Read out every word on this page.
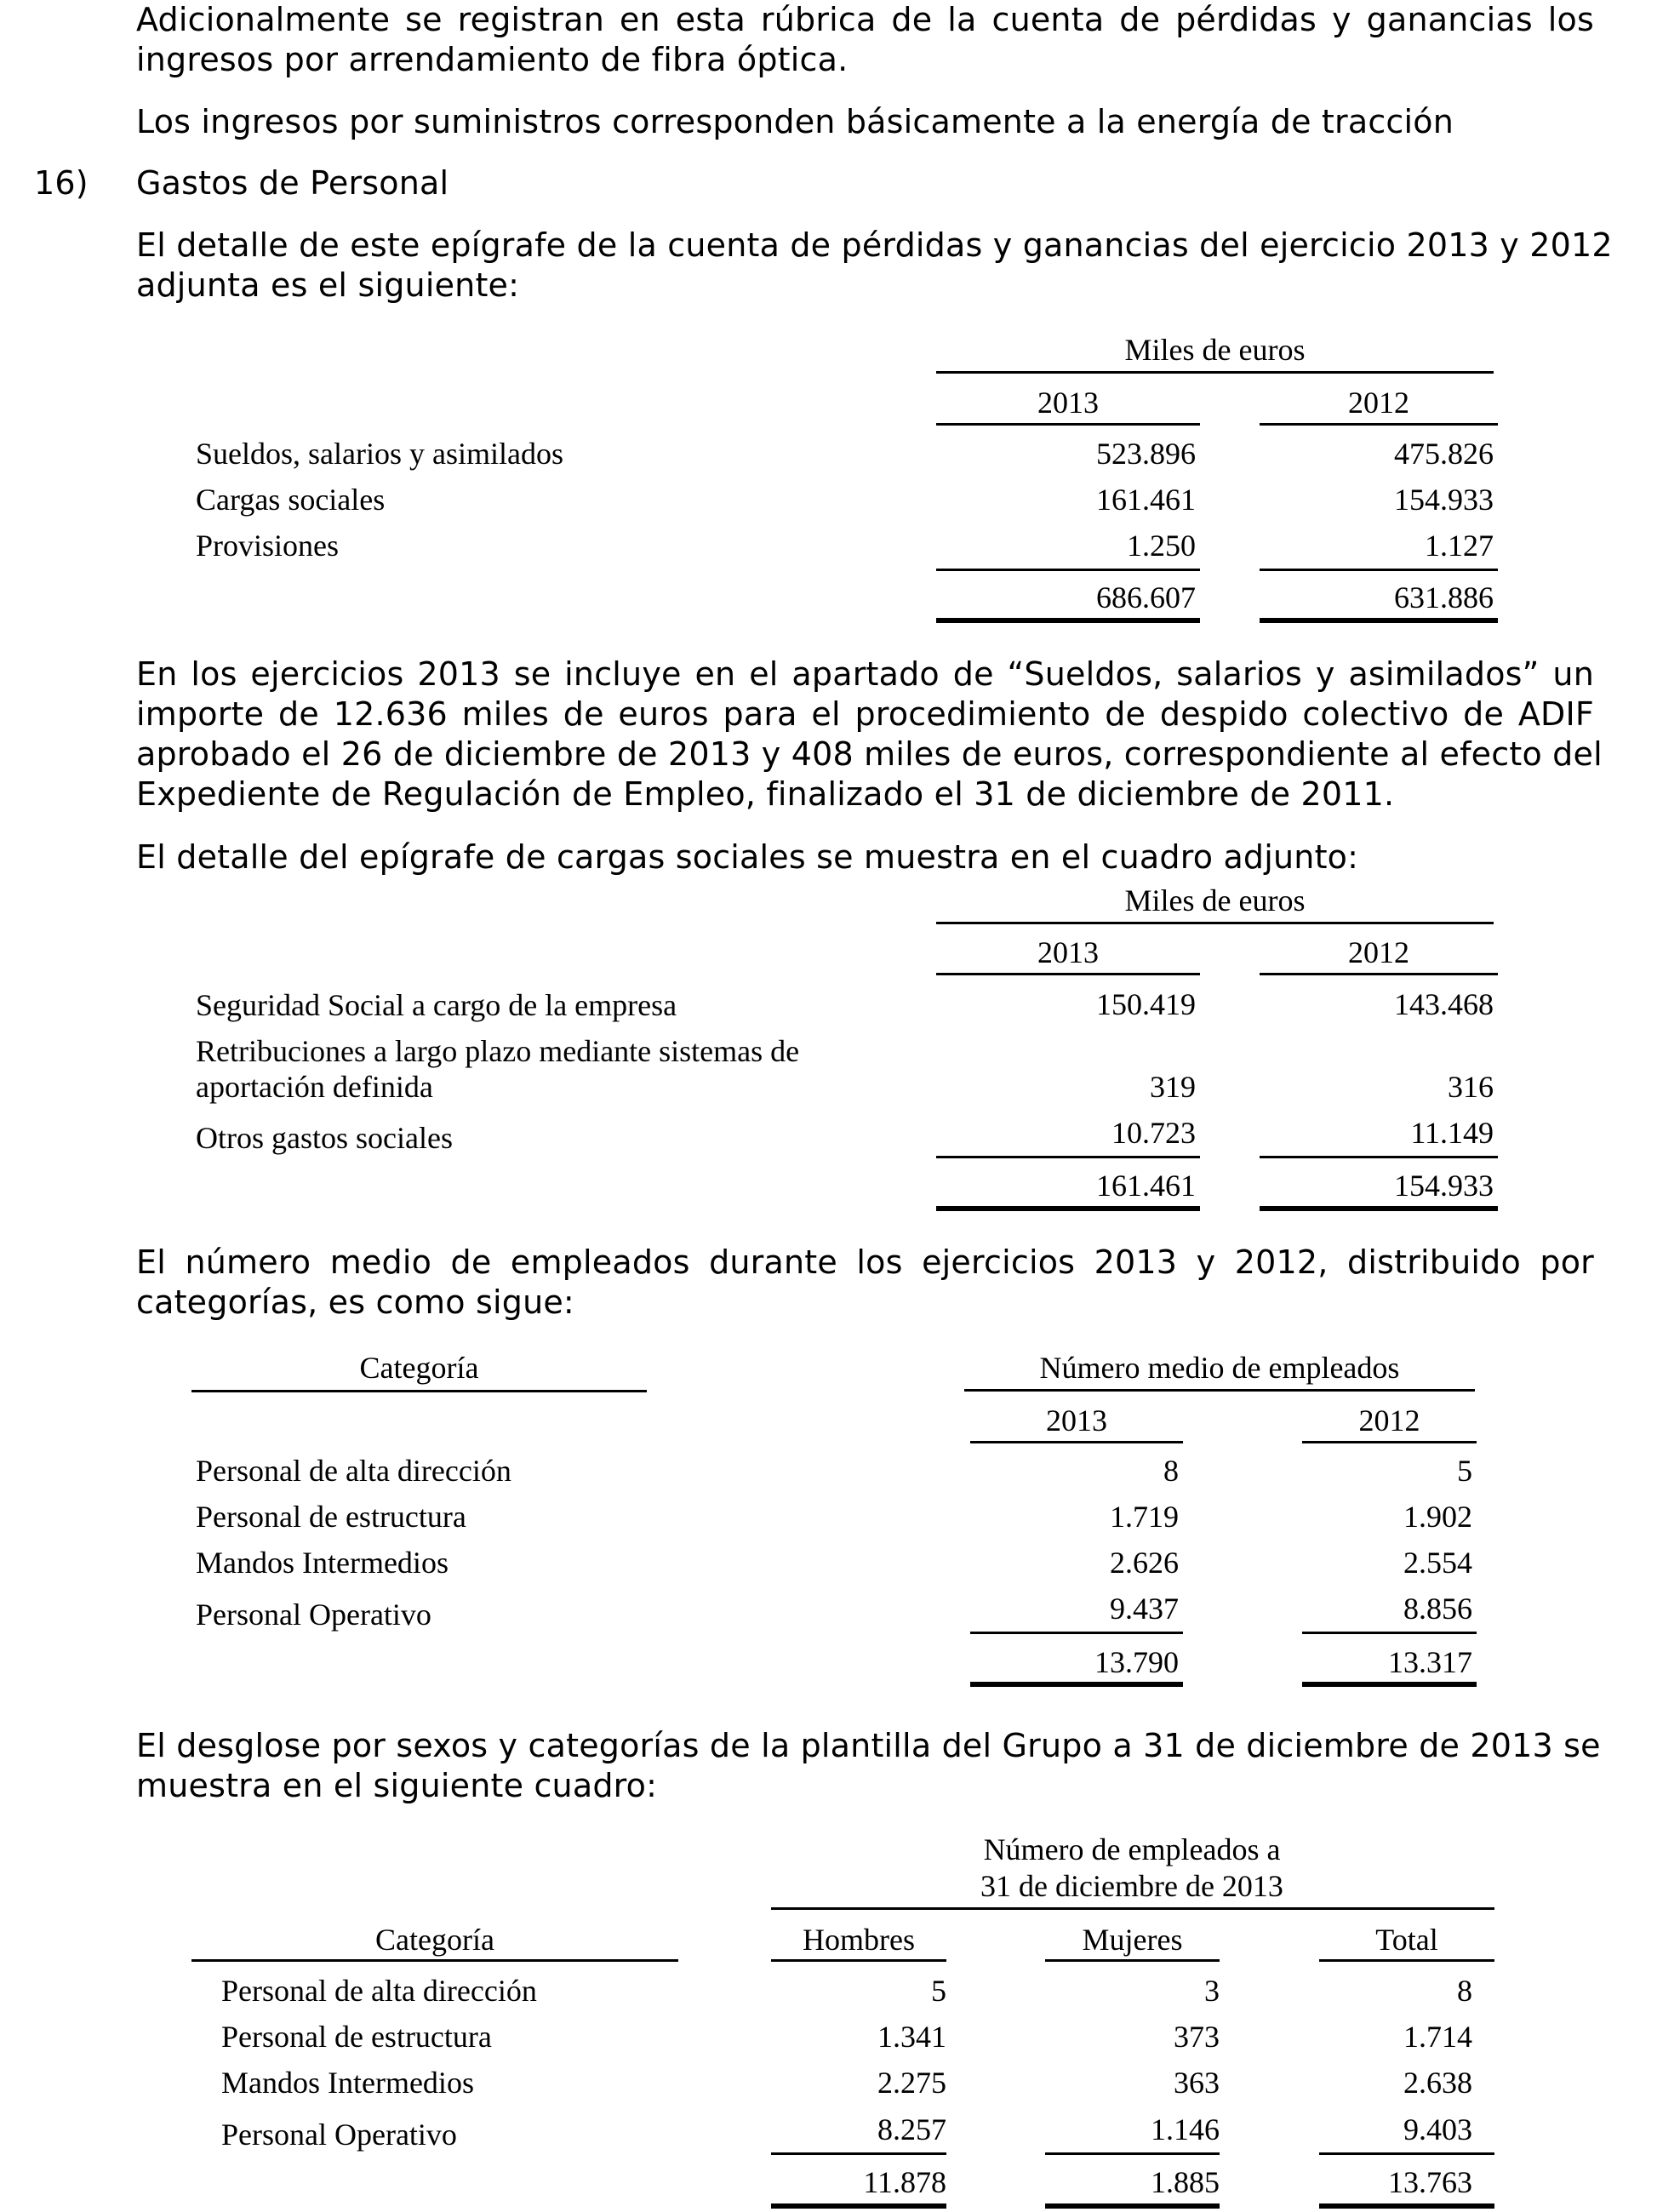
Adicionalmente se registran en esta rúbrica de la cuenta de pérdidas y ganancias los
ingresos por arrendamiento de fibra óptica.
Los ingresos por suministros corresponden básicamente a la energía de tracción
16) Gastos de Personal
El detalle de este epígrafe de la cuenta de pérdidas y ganancias del ejercicio 2013 y 2012
adjunta es el siguiente:
Miles de euros
2013	2012
Sueldos, salarios y asimilados	523.896	475.826
Cargas sociales	161.461	154.933
Provisiones	1.250	1.127
686.607	631.886
En los ejercicios 2013 se incluye en el apartado de “Sueldos, salarios y asimilados” un
importe de 12.636 miles de euros para el procedimiento de despido colectivo de ADIF
aprobado el 26 de diciembre de 2013 y 408 miles de euros, correspondiente al efecto del
Expediente de Regulación de Empleo, finalizado el 31 de diciembre de 2011.
El detalle del epígrafe de cargas sociales se muestra en el cuadro adjunto:
Miles de euros
2013	2012
Seguridad Social a cargo de la empresa	150.419	143.468
Retribuciones a largo plazo mediante sistemas de
aportación definida	319	316
Otros gastos sociales	10.723	11.149
161.461	154.933
El número medio de empleados durante los ejercicios 2013 y 2012, distribuido por
categorías, es como sigue:
Categoría	Número medio de empleados
2013	2012
Personal de alta dirección	8	5
Personal de estructura	1.719	1.902
Mandos Intermedios	2.626	2.554
Personal Operativo	9.437	8.856
13.790	13.317
El desglose por sexos y categorías de la plantilla del Grupo a 31 de diciembre de 2013 se
muestra en el siguiente cuadro:
Número de empleados a
31 de diciembre de 2013
Categoría	Hombres	Mujeres	Total
Personal de alta dirección	5	3	8
Personal de estructura	1.341	373	1.714
Mandos Intermedios	2.275	363	2.638
Personal Operativo	8.257	1.146	9.403
11.878	1.885	13.763
